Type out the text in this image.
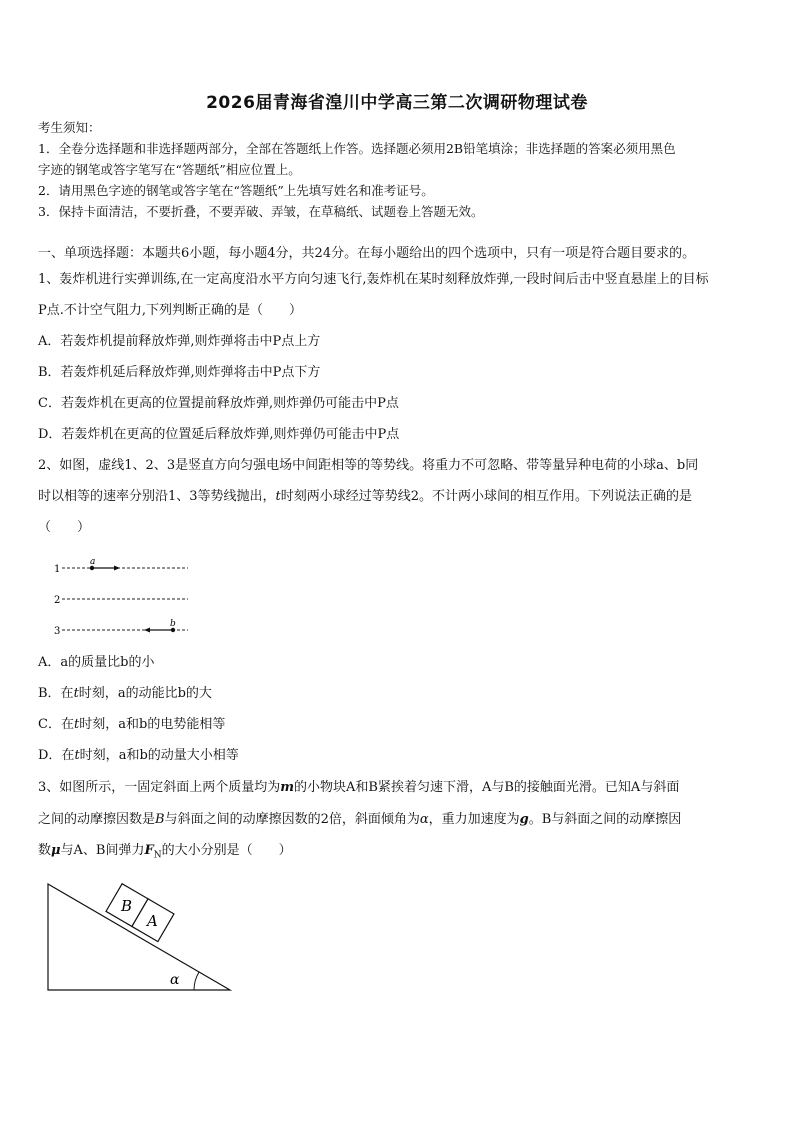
2026届青海省湟川中学高三第二次调研物理试卷
考生须知：
1．全卷分选择题和非选择题两部分，全部在答题纸上作答。选择题必须用2B铅笔填涂；非选择题的答案必须用黑色
字迹的钢笔或答字笔写在“答题纸”相应位置上。
2．请用黑色字迹的钢笔或答字笔在“答题纸”上先填写姓名和准考证号。
3．保持卡面清洁，不要折叠，不要弄破、弄皱，在草稿纸、试题卷上答题无效。
一、单项选择题：本题共6小题，每小题4分，共24分。在每小题给出的四个选项中，只有一项是符合题目要求的。
1、轰炸机进行实弹训练,在一定高度沿水平方向匀速飞行,轰炸机在某时刻释放炸弹,一段时间后击中竖直悬崖上的目标
P点.不计空气阻力,下列判断正确的是（　　）
A．若轰炸机提前释放炸弹,则炸弹将击中P点上方
B．若轰炸机延后释放炸弹,则炸弹将击中P点下方
C．若轰炸机在更高的位置提前释放炸弹,则炸弹仍可能击中P点
D．若轰炸机在更高的位置延后释放炸弹,则炸弹仍可能击中P点
2、如图，虚线1、2、3是竖直方向匀强电场中间距相等的等势线。将重力不可忽略、带等量异种电荷的小球a、b同
时以相等的速率分别沿1、3等势线抛出，t时刻两小球经过等势线2。不计两小球间的相互作用。下列说法正确的是
（　　）
1
a
2
3
b
A．a的质量比b的小
B．在t时刻，a的动能比b的大
C．在t时刻，a和b的电势能相等
D．在t时刻，a和b的动量大小相等
3、如图所示，一固定斜面上两个质量均为m的小物块A和B紧挨着匀速下滑，A与B的接触面光滑。已知A与斜面
之间的动摩擦因数是B与斜面之间的动摩擦因数的2倍，斜面倾角为α，重力加速度为g。B与斜面之间的动摩擦因
数μ与A、B间弹力$F_N$的大小分别是（　　）
B
A
α
